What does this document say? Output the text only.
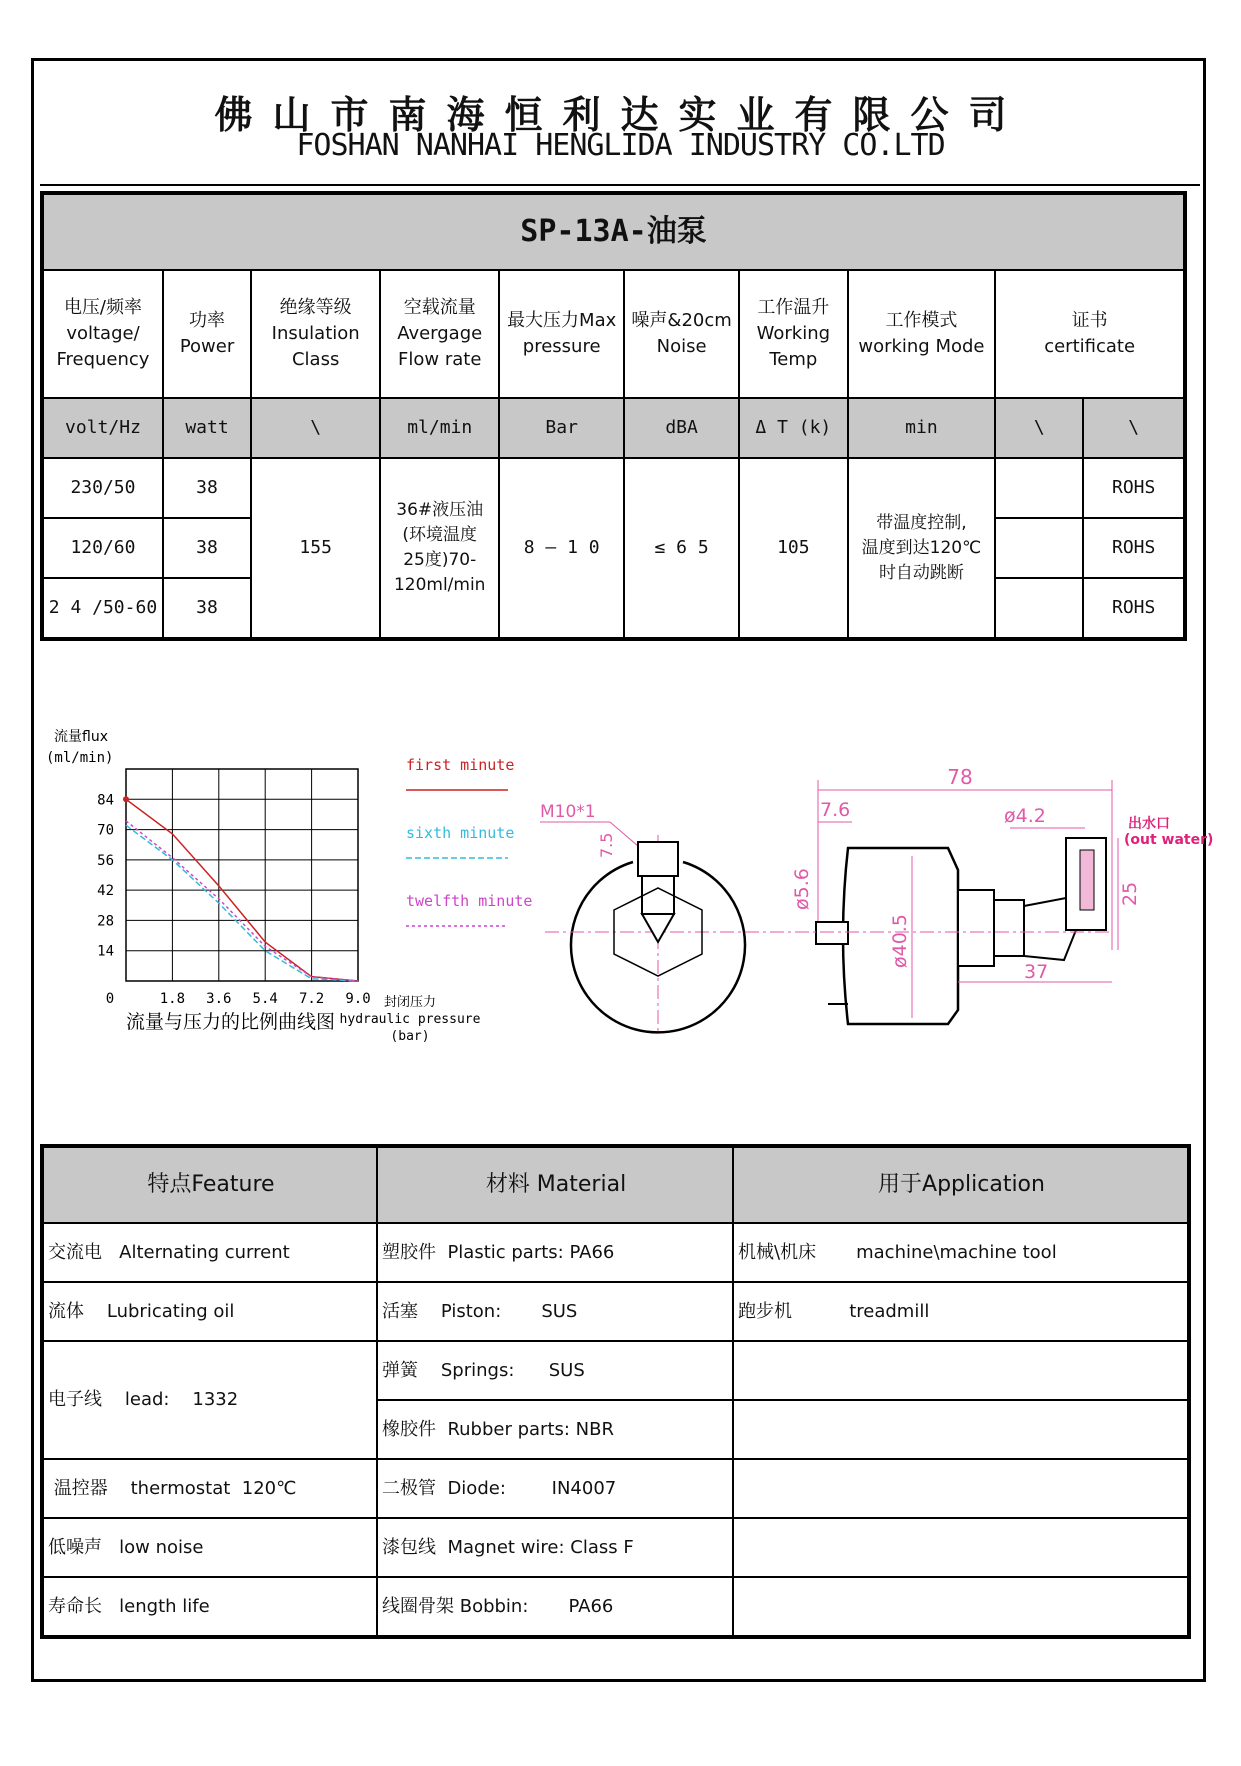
佛山市南海恒利达实业有限公司
FOSHAN NANHAI HENGLIDA INDUSTRY CO.LTD
SP-13A-油泵									
电压/频率
voltage/
Frequency	功率
Power	绝缘等级
Insulation
Class	空载流量
Avergage
Flow rate	最大压力Max
pressure	噪声&20cm
Noise	工作温升
Working
Temp	工作模式
working Mode	证书
certificate	
volt/Hz	watt	\	ml/min	Bar	dBA	Δ T (k)	min	\	\
230/50	38	155	36#液压油
(环境温度
25度)70-
120ml/min	8 — 1 0	≤ 6 5	105	带温度控制,
温度到达120℃
时自动跳断		ROHS
120/60	38								ROHS
2 4 /50-60	38								ROHS
流量flux
(ml/min)
0	1.8 3.6 5.4 7.2 9.0
14
28
42
56
70
84
流量与压力的比例曲线图
封闭压力
hydraulic pressure
(bar)
first minute
sixth minute
twelfth minute
M10*1
7.5
78
7.6	ø4.2	出水口
(out water)
ø5.6
ø40.5
25
37
特点Feature	材料 Material	用于Application
交流电   Alternating current	塑胶件  Plastic parts: PA66	机械\机床       machine\machine tool
流体    Lubricating oil	活塞    Piston:       SUS	跑步机          treadmill
电子线    lead:    1332	弹簧    Springs:      SUS	
	橡胶件  Rubber parts: NBR	
温控器    thermostat  120℃	二极管  Diode:        IN4007	
低噪声   low noise	漆包线  Magnet wire: Class F	
寿命长   length life	线圈骨架 Bobbin:       PA66	
